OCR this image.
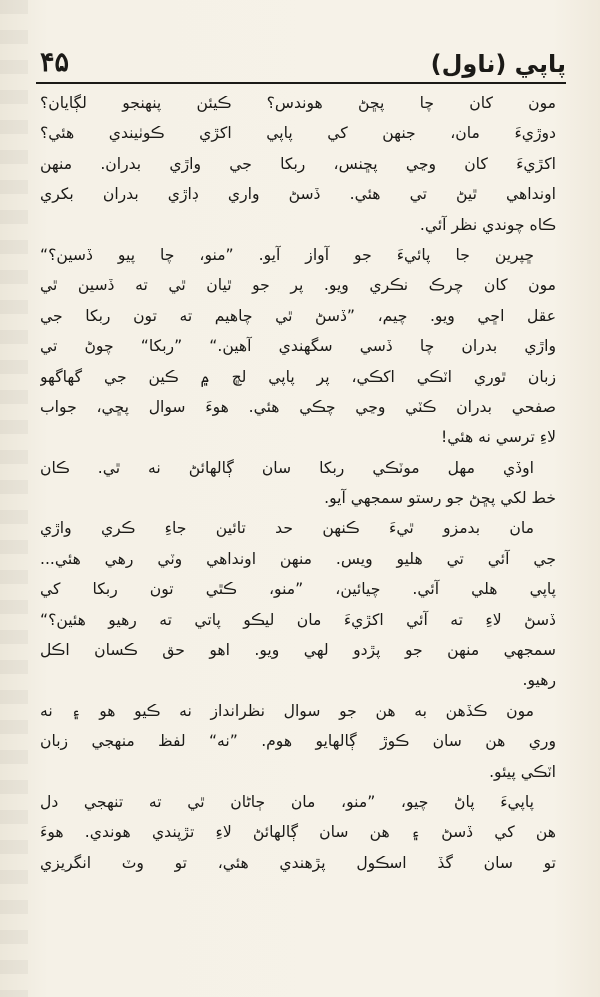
۴۵	پاپي (ناول)
مون کان چا پڇڻ هوندس؟ ڪيئن پنهنجو لڳايان؟
دوڙيءَ مان، جنهن کي پاپي اکڙي ڪوٺيندي هئي؟
اکڙيءَ کان وڃي پڇنس، ربکا جي واڙي بدران. منهن
اونداهي ٿيڻ تي هئي. ڏسڻ واري ڊاڙي بدران بکري
ڪاه چوندي نظر آئي.
ڇپرين جا پائيءَ جو آواز آيو. ”منو، چا پيو ڏسين؟“
مون کان چرڪ نڪري ويو. پر جو ٿيان ٿي ته ڏسين ٿي
عقل اڇي ويو. چيم، ”ڏسڻ ٿي چاهيم ته تون ربکا جي
واڙي بدران چا ڏسي سگهندي آهين.“ ”ربکا“ چوڻ تي
زبان ٿوري اٽڪي اکڪي، پر پاپي لڇ ۾ ڪين جي گهاگهو
صفحي بدران ڪٽي وڃي چڪي هئي. هوءَ سوال پڇي، جواب
لاءِ ترسي نه هئي!
اوڏي مهل موٽڪي ربکا سان ڳالهائڻ نه ٿي. ڪان
خط لکي پڇڻ جو رستو سمجهي آيو.
مان بدمزو ٿيءَ ڪنهن حد تائين جاءِ ڪري واڙي
جي آئي تي هليو ويس. منهن اونداهي وٽي رهي هئي...
پاپي هلي آئي. چيائين، ”منو، ڪٿي تون ربکا کي
ڏسڻ لاءِ ته آئي اکڙيءَ مان ليڪو پاتي ته رهيو هئين؟“
سمجهي منهن جو پڙدو لهي ويو. اهو حق ڪسان اڪل
رهيو.
مون ڪڏهن به هن جو سوال نظرانداز نه ڪيو هو ۽ نه
وري هن سان ڪوڙ ڳالهايو هوم. ”نه“ لفظ منهجي زبان
اٽڪي پيئو.
پاپيءَ پاڻ چيو، ”منو، مان ڄاڻان ٿي ته تنهجي دل
هن کي ڏسڻ ۽ هن سان ڳالهائڻ لاءِ تڙپندي هوندي. هوءَ
تو سان گڏ اسڪول پڙهندي هئي، تو وٽ انگريزي
